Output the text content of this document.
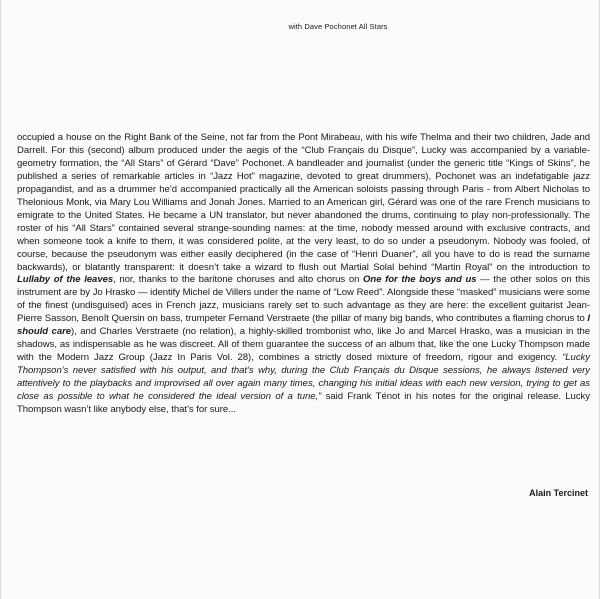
with Dave Pochonet All Stars

occupied a house on the Right Bank of the Seine, not far from the Pont Mirabeau, with his wife Thelma and their two children, Jade and Darrell. For this (second) album produced under the aegis of the “Club Français du Disque”, Lucky was accompanied by a variable-geometry formation, the “All Stars” of Gérard “Dave” Pochonet. A bandleader and journalist (under the generic title “Kings of Skins”, he published a series of remarkable articles in “Jazz Hot” magazine, devoted to great drummers), Pochonet was an indefatigable jazz propagandist, and as a drummer he’d accompanied practically all the American soloists passing through Paris - from Albert Nicholas to Thelonious Monk, via Mary Lou Williams and Jonah Jones. Married to an American girl, Gérard was one of the rare French musicians to emigrate to the United States. He became a UN translator, but never abandoned the drums, continuing to play non-professionally. The roster of his “All Stars” contained several strange-sounding names: at the time, nobody messed around with exclusive contracts, and when someone took a knife to them, it was considered polite, at the very least, to do so under a pseudonym. Nobody was fooled, of course, because the pseudonym was either easily deciphered (in the case of “Henri Duaner”, all you have to do is read the surname backwards), or blatantly transparent: it doesn’t take a wizard to flush out Martial Solal behind “Martin Royal” on the introduction to Lullaby of the leaves, nor, thanks to the baritone choruses and alto chorus on One for the boys and us — the other solos on this instrument are by Jo Hrasko — identify Michel de Villers under the name of “Low Reed”. Alongside these “masked” musicians were some of the finest (undisguised) aces in French jazz, musicians rarely set to such advantage as they are here: the excellent guitarist Jean-Pierre Sasson, Benoît Quersin on bass, trumpeter Fernand Verstraete (the pillar of many big bands, who contributes a flaming chorus to I should care), and Charles Verstraete (no relation), a highly-skilled trombonist who, like Jo and Marcel Hrasko, was a musician in the shadows, as indispensable as he was discreet. All of them guarantee the success of an album that, like the one Lucky Thompson made with the Modern Jazz Group (Jazz In Paris Vol. 28), combines a strictly dosed mixture of freedom, rigour and exigency. “Lucky Thompson’s never satisfied with his output, and that’s why, during the Club Français du Disque sessions, he always listened very attentively to the playbacks and improvised all over again many times, changing his initial ideas with each new version, trying to get as close as possible to what he considered the ideal version of a tune,” said Frank Ténot in his notes for the original release. Lucky Thompson wasn’t like anybody else, that’s for sure...

Alain Tercinet
